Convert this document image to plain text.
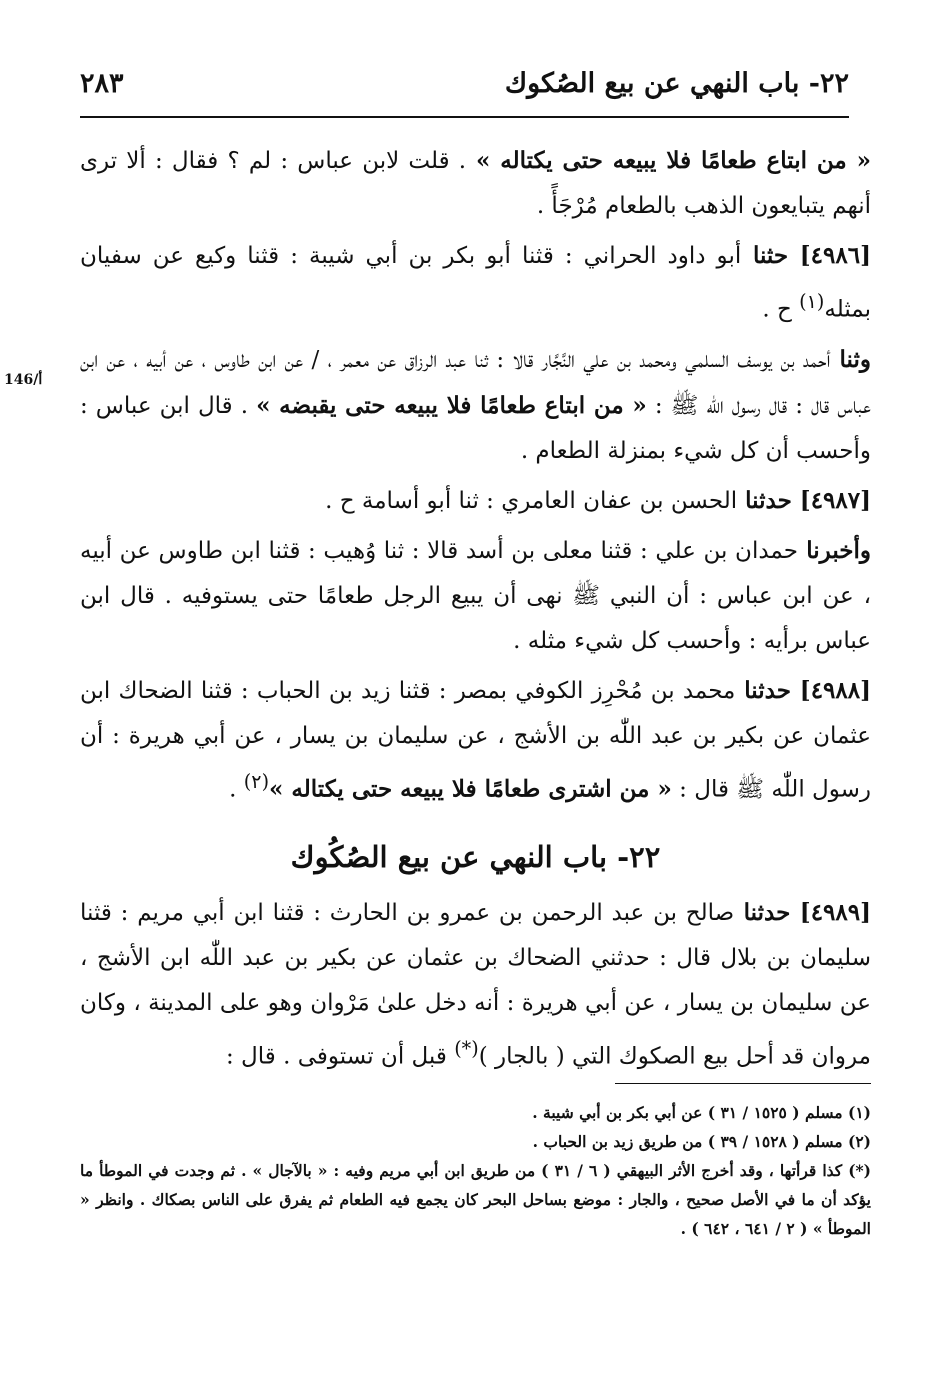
٢٢- باب النهي عن بيع الصُكوك
٢٨٣
146/أ

« من ابتاع طعامًا فلا يبيعه حتى يكتاله » . قلت لابن عباس : لم ؟ فقال : ألا ترى أنهم يتبايعون الذهب بالطعام مُرْجَأً .

[٤٩٨٦] حثنا أبو داود الحراني : قثنا أبو بكر بن أبي شيبة : قثنا وكيع عن سفيان بمثله$^{(١)}$ ح .

وثنا أحمد بن يوسف السلمي ومحمد بن علي النَّجَّار قالا : ثنا عبد الرزاق عن معمر ، / عن ابن طاوس ، عن أبيه ، عن ابن عباس قال : قال رسول اللّٰه ﷺ : « من ابتاع طعامًا فلا يبيعه حتى يقبضه » . قال ابن عباس : وأحسب أن كل شيء بمنزلة الطعام .

[٤٩٨٧] حدثنا الحسن بن عفان العامري : ثنا أبو أسامة ح .

وأخبرنا حمدان بن علي : قثنا معلى بن أسد قالا : ثنا وُهيب : قثنا ابن طاوس عن أبيه ، عن ابن عباس : أن النبي ﷺ نهى أن يبيع الرجل طعامًا حتى يستوفيه . قال ابن عباس برأيه : وأحسب كل شيء مثله .

[٤٩٨٨] حدثنا محمد بن مُحْرِز الكوفي بمصر : قثنا زيد بن الحباب : قثنا الضحاك ابن عثمان عن بكير بن عبد اللّٰه بن الأشج ، عن سليمان بن يسار ، عن أبي هريرة : أن رسول اللّٰه ﷺ قال : « من اشترى طعامًا فلا يبيعه حتى يكتاله »$^{(٢)}$ .

٢٢- باب النهي عن بيع الصُكُوك

[٤٩٨٩] حدثنا صالح بن عبد الرحمن بن عمرو بن الحارث : قثنا ابن أبي مريم : قثنا سليمان بن بلال قال : حدثني الضحاك بن عثمان عن بكير بن عبد اللّٰه ابن الأشج ، عن سليمان بن يسار ، عن أبي هريرة : أنه دخل علىٰ مَرْوان وهو على المدينة ، وكان مروان قد أحل بيع الصكوك التي ( بالجار )(*) قبل أن تستوفى . قال :

(١) مسلم ( ١٥٢٥ / ٣١ ) عن أبي بكر بن أبي شيبة .

(٢) مسلم ( ١٥٢٨ / ٣٩ ) من طريق زيد بن الحباب .

(*) كذا قرأتها ، وقد أخرج الأثر البيهقي ( ٦ / ٣١ ) من طريق ابن أبي مريم وفيه : « بالآجال » . ثم وجدت في الموطأ ما يؤكد أن ما في الأصل صحيح ، والجار : موضع بساحل البحر كان يجمع فيه الطعام ثم يفرق على الناس بصكاك . وانظر « الموطأ » ( ٢ / ٦٤١ ، ٦٤٢ ) .
